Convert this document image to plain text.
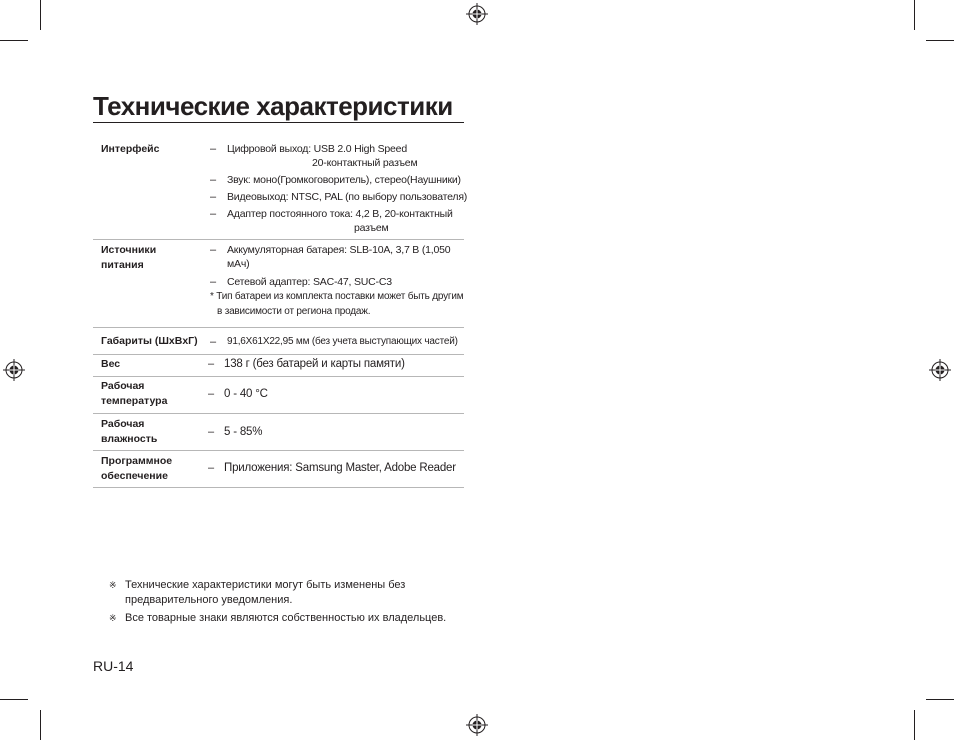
Технические характеристики
Интерфейс	– Цифровой выход: USB 2.0 High Speed
20-контактный разъем
– Звук: моно(Громкоговоритель), стерео(Наушники)
– Видеовыход: NTSC, PAL (по выбору пользователя)
– Адаптер постоянного тока: 4,2 В, 20-контактный
разъем
Источники
питания
– Аккумуляторная батарея: SLB-10A, 3,7 В (1,050
мАч)
– Сетевой адаптер: SAC-47, SUC-C3
* Тип батареи из комплекта поставки может быть другим
в зависимости от региона продаж.
Габариты (ШxВxГ) – 91,6X61X22,95 мм (без учета выступающих частей)
Вес	– 138 г (без батарей и карты памяти)
Рабочая
температура
– 0 - 40 °C
Рабочая
влажность
– 5 - 85%
Программное
обеспечение
– Приложения: Samsung Master, Adobe Reader
※ Технические характеристики могут быть изменены без
предварительного уведомления.
※ Все товарные знаки являются собственностью их владельцев.
RU-14
